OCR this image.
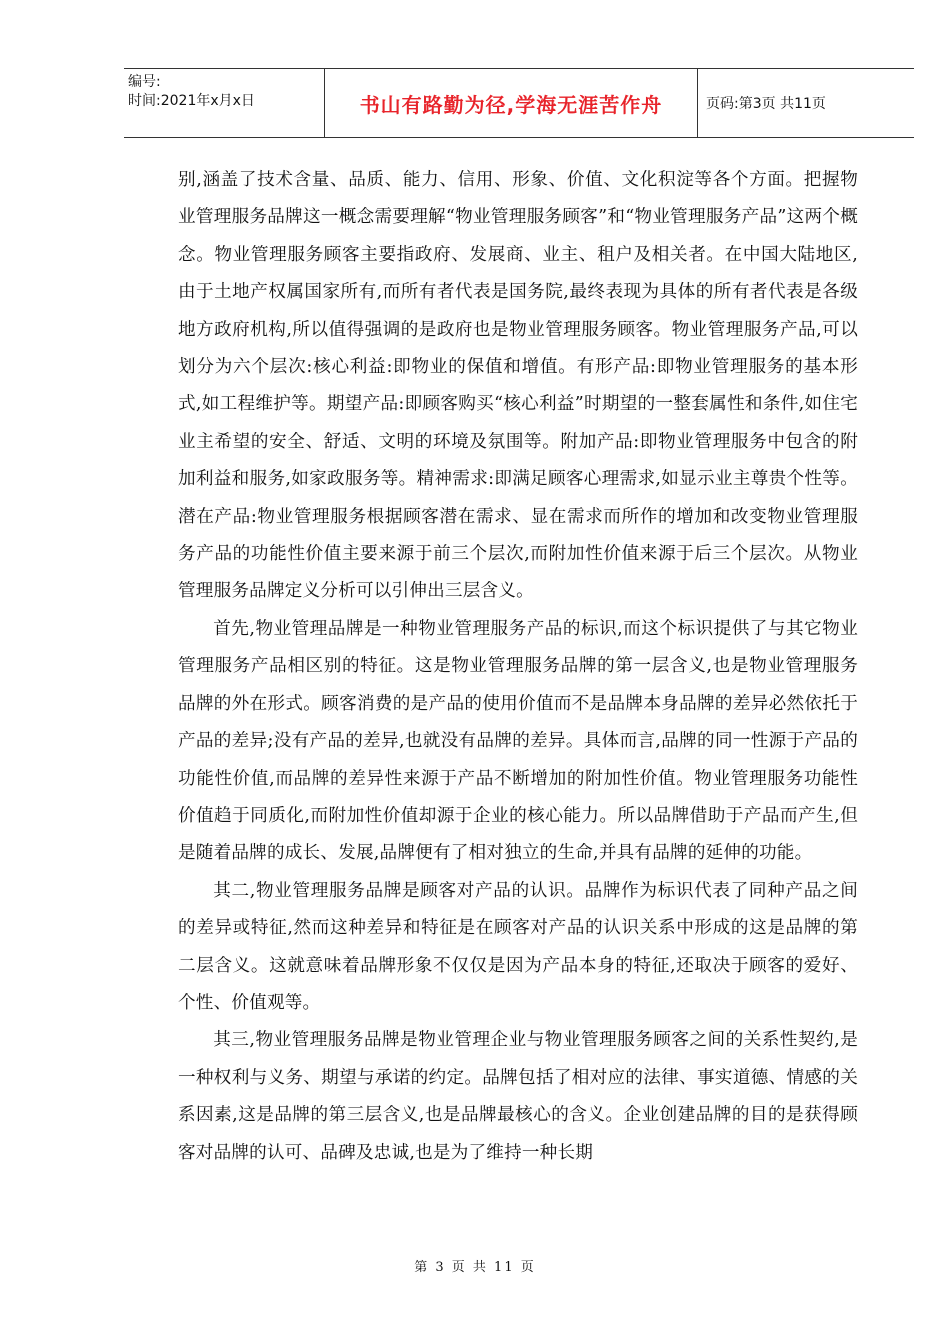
编号:
时间:2021年x月x日	书山有路勤为径,学海无涯苦作舟	页码:第3页 共11页

别,涵盖了技术含量、品质、能力、信用、形象、价值、文化积淀等各个方面。把握物业管理服务品牌这一概念需要理解“物业管理服务顾客”和“物业管理服务产品”这两个概念。物业管理服务顾客主要指政府、发展商、业主、租户及相关者。在中国大陆地区,由于土地产权属国家所有,而所有者代表是国务院,最终表现为具体的所有者代表是各级地方政府机构,所以值得强调的是政府也是物业管理服务顾客。物业管理服务产品,可以划分为六个层次:核心利益:即物业的保值和增值。有形产品:即物业管理服务的基本形式,如工程维护等。期望产品:即顾客购买“核心利益”时期望的一整套属性和条件,如住宅业主希望的安全、舒适、文明的环境及氛围等。附加产品:即物业管理服务中包含的附加利益和服务,如家政服务等。精神需求:即满足顾客心理需求,如显示业主尊贵个性等。潜在产品:物业管理服务根据顾客潜在需求、显在需求而所作的增加和改变物业管理服务产品的功能性价值主要来源于前三个层次,而附加性价值来源于后三个层次。从物业管理服务品牌定义分析可以引伸出三层含义。

首先,物业管理品牌是一种物业管理服务产品的标识,而这个标识提供了与其它物业管理服务产品相区别的特征。这是物业管理服务品牌的第一层含义,也是物业管理服务品牌的外在形式。顾客消费的是产品的使用价值而不是品牌本身品牌的差异必然依托于产品的差异;没有产品的差异,也就没有品牌的差异。具体而言,品牌的同一性源于产品的功能性价值,而品牌的差异性来源于产品不断增加的附加性价值。物业管理服务功能性价值趋于同质化,而附加性价值却源于企业的核心能力。所以品牌借助于产品而产生,但是随着品牌的成长、发展,品牌便有了相对独立的生命,并具有品牌的延伸的功能。

其二,物业管理服务品牌是顾客对产品的认识。品牌作为标识代表了同种产品之间的差异或特征,然而这种差异和特征是在顾客对产品的认识关系中形成的这是品牌的第二层含义。这就意味着品牌形象不仅仅是因为产品本身的特征,还取决于顾客的爱好、个性、价值观等。

其三,物业管理服务品牌是物业管理企业与物业管理服务顾客之间的关系性契约,是一种权利与义务、期望与承诺的约定。品牌包括了相对应的法律、事实道德、情感的关系因素,这是品牌的第三层含义,也是品牌最核心的含义。企业创建品牌的目的是获得顾客对品牌的认可、品碑及忠诚,也是为了维持一种长期

第 3 页 共 11 页
